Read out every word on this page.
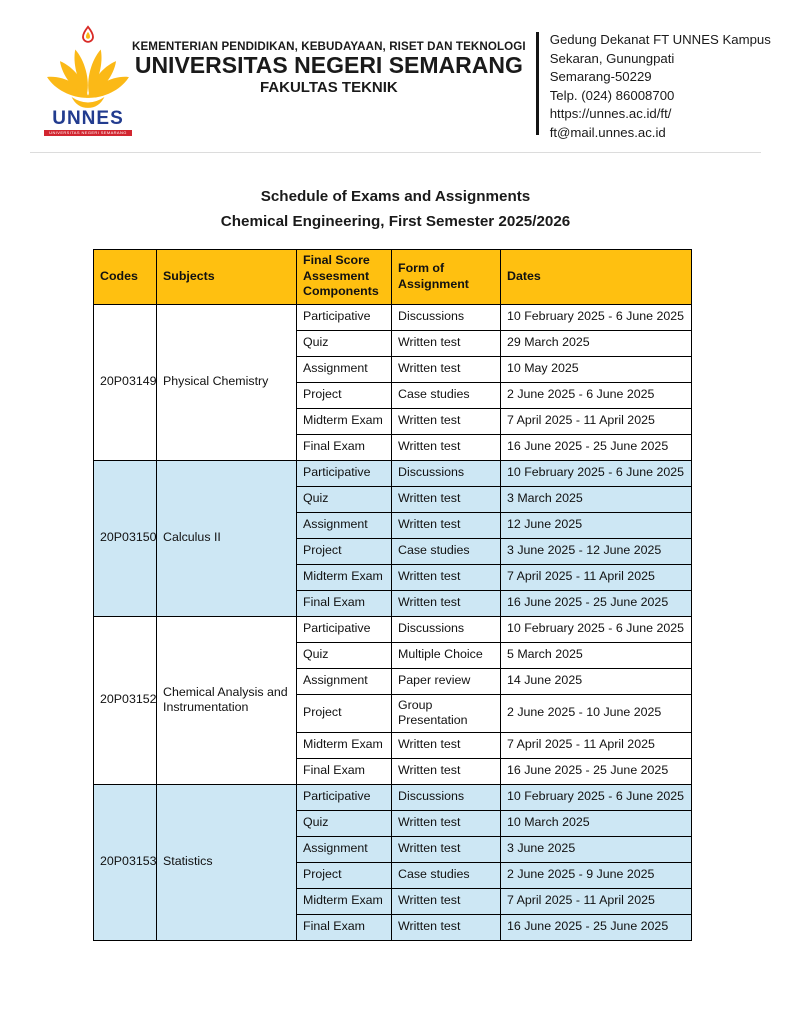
UNNES
UNIVERSITAS NEGERI SEMARANG
KEMENTERIAN PENDIDIKAN, KEBUDAYAAN, RISET DAN TEKNOLOGI
UNIVERSITAS NEGERI SEMARANG
FAKULTAS TEKNIK
Gedung Dekanat FT UNNES Kampus
Sekaran, Gunungpati
Semarang-50229
Telp. (024) 86008700
https://unnes.ac.id/ft/
ft@mail.unnes.ac.id
Schedule of Exams and Assignments
Chemical Engineering, First Semester 2025/2026
Codes	Subjects	Final Score Assesment Components	Form of Assignment	Dates
20P03149	Physical Chemistry	Participative	Discussions	10 February 2025 - 6 June 2025
		Quiz	Written test	29 March 2025
		Assignment	Written test	10 May 2025
		Project	Case studies	2 June 2025 - 6 June 2025
		Midterm Exam	Written test	7 April 2025 - 11 April 2025
		Final Exam	Written test	16 June 2025 - 25 June 2025
20P03150	Calculus II	Participative	Discussions	10 February 2025 - 6 June 2025
		Quiz	Written test	3 March 2025
		Assignment	Written test	12 June 2025
		Project	Case studies	3 June 2025 - 12 June 2025
		Midterm Exam	Written test	7 April 2025 - 11 April 2025
		Final Exam	Written test	16 June 2025 - 25 June 2025
20P03152	Chemical Analysis and Instrumentation	Participative	Discussions	10 February 2025 - 6 June 2025
		Quiz	Multiple Choice	5 March 2025
		Assignment	Paper review	14 June 2025
		Project	Group Presentation	2 June 2025 - 10 June 2025
		Midterm Exam	Written test	7 April 2025 - 11 April 2025
		Final Exam	Written test	16 June 2025 - 25 June 2025
20P03153	Statistics	Participative	Discussions	10 February 2025 - 6 June 2025
		Quiz	Written test	10 March 2025
		Assignment	Written test	3 June 2025
		Project	Case studies	2 June 2025 - 9 June 2025
		Midterm Exam	Written test	7 April 2025 - 11 April 2025
		Final Exam	Written test	16 June 2025 - 25 June 2025
